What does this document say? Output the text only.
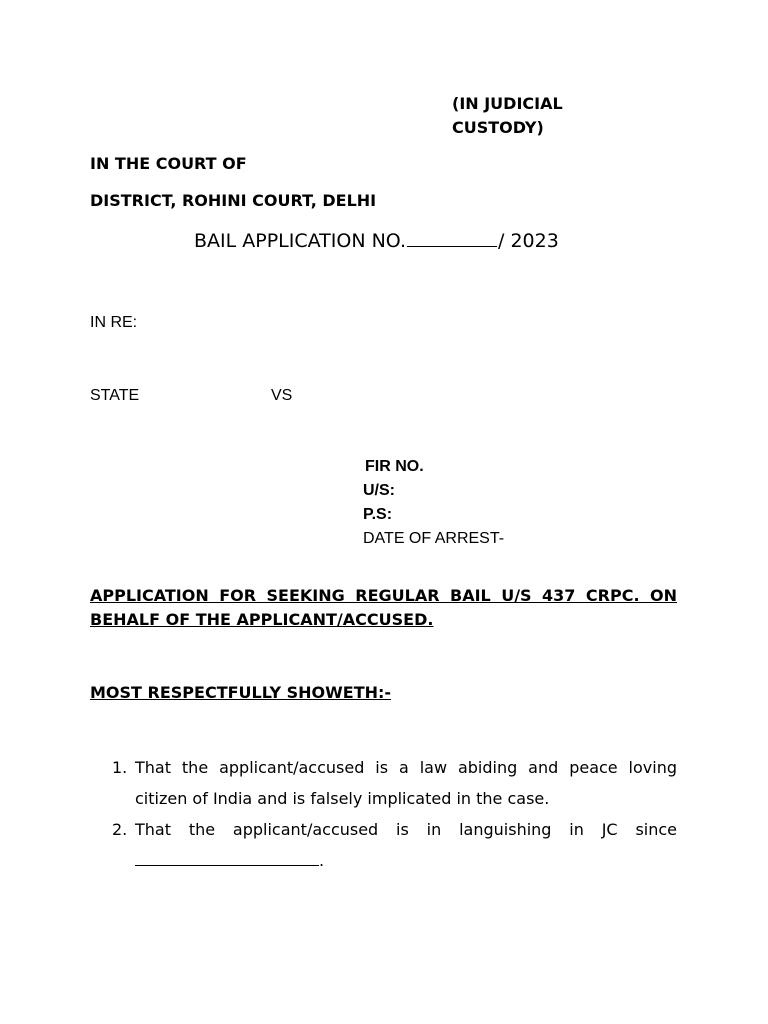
(IN JUDICIAL CUSTODY)
IN THE COURT OF
DISTRICT, ROHINI COURT, DELHI
BAIL APPLICATION NO.	/ 2023
IN RE:
STATE	VS
FIR NO.
U/S:
P.S:
DATE OF ARREST-
APPLICATION FOR SEEKING REGULAR BAIL U/S 437 CRPC. ON BEHALF OF THE APPLICANT/ACCUSED.
MOST RESPECTFULLY SHOWETH:-
1. That the applicant/accused is a law abiding and peace loving citizen of India and is falsely implicated in the case.
2. That the applicant/accused is in languishing in JC since
.
